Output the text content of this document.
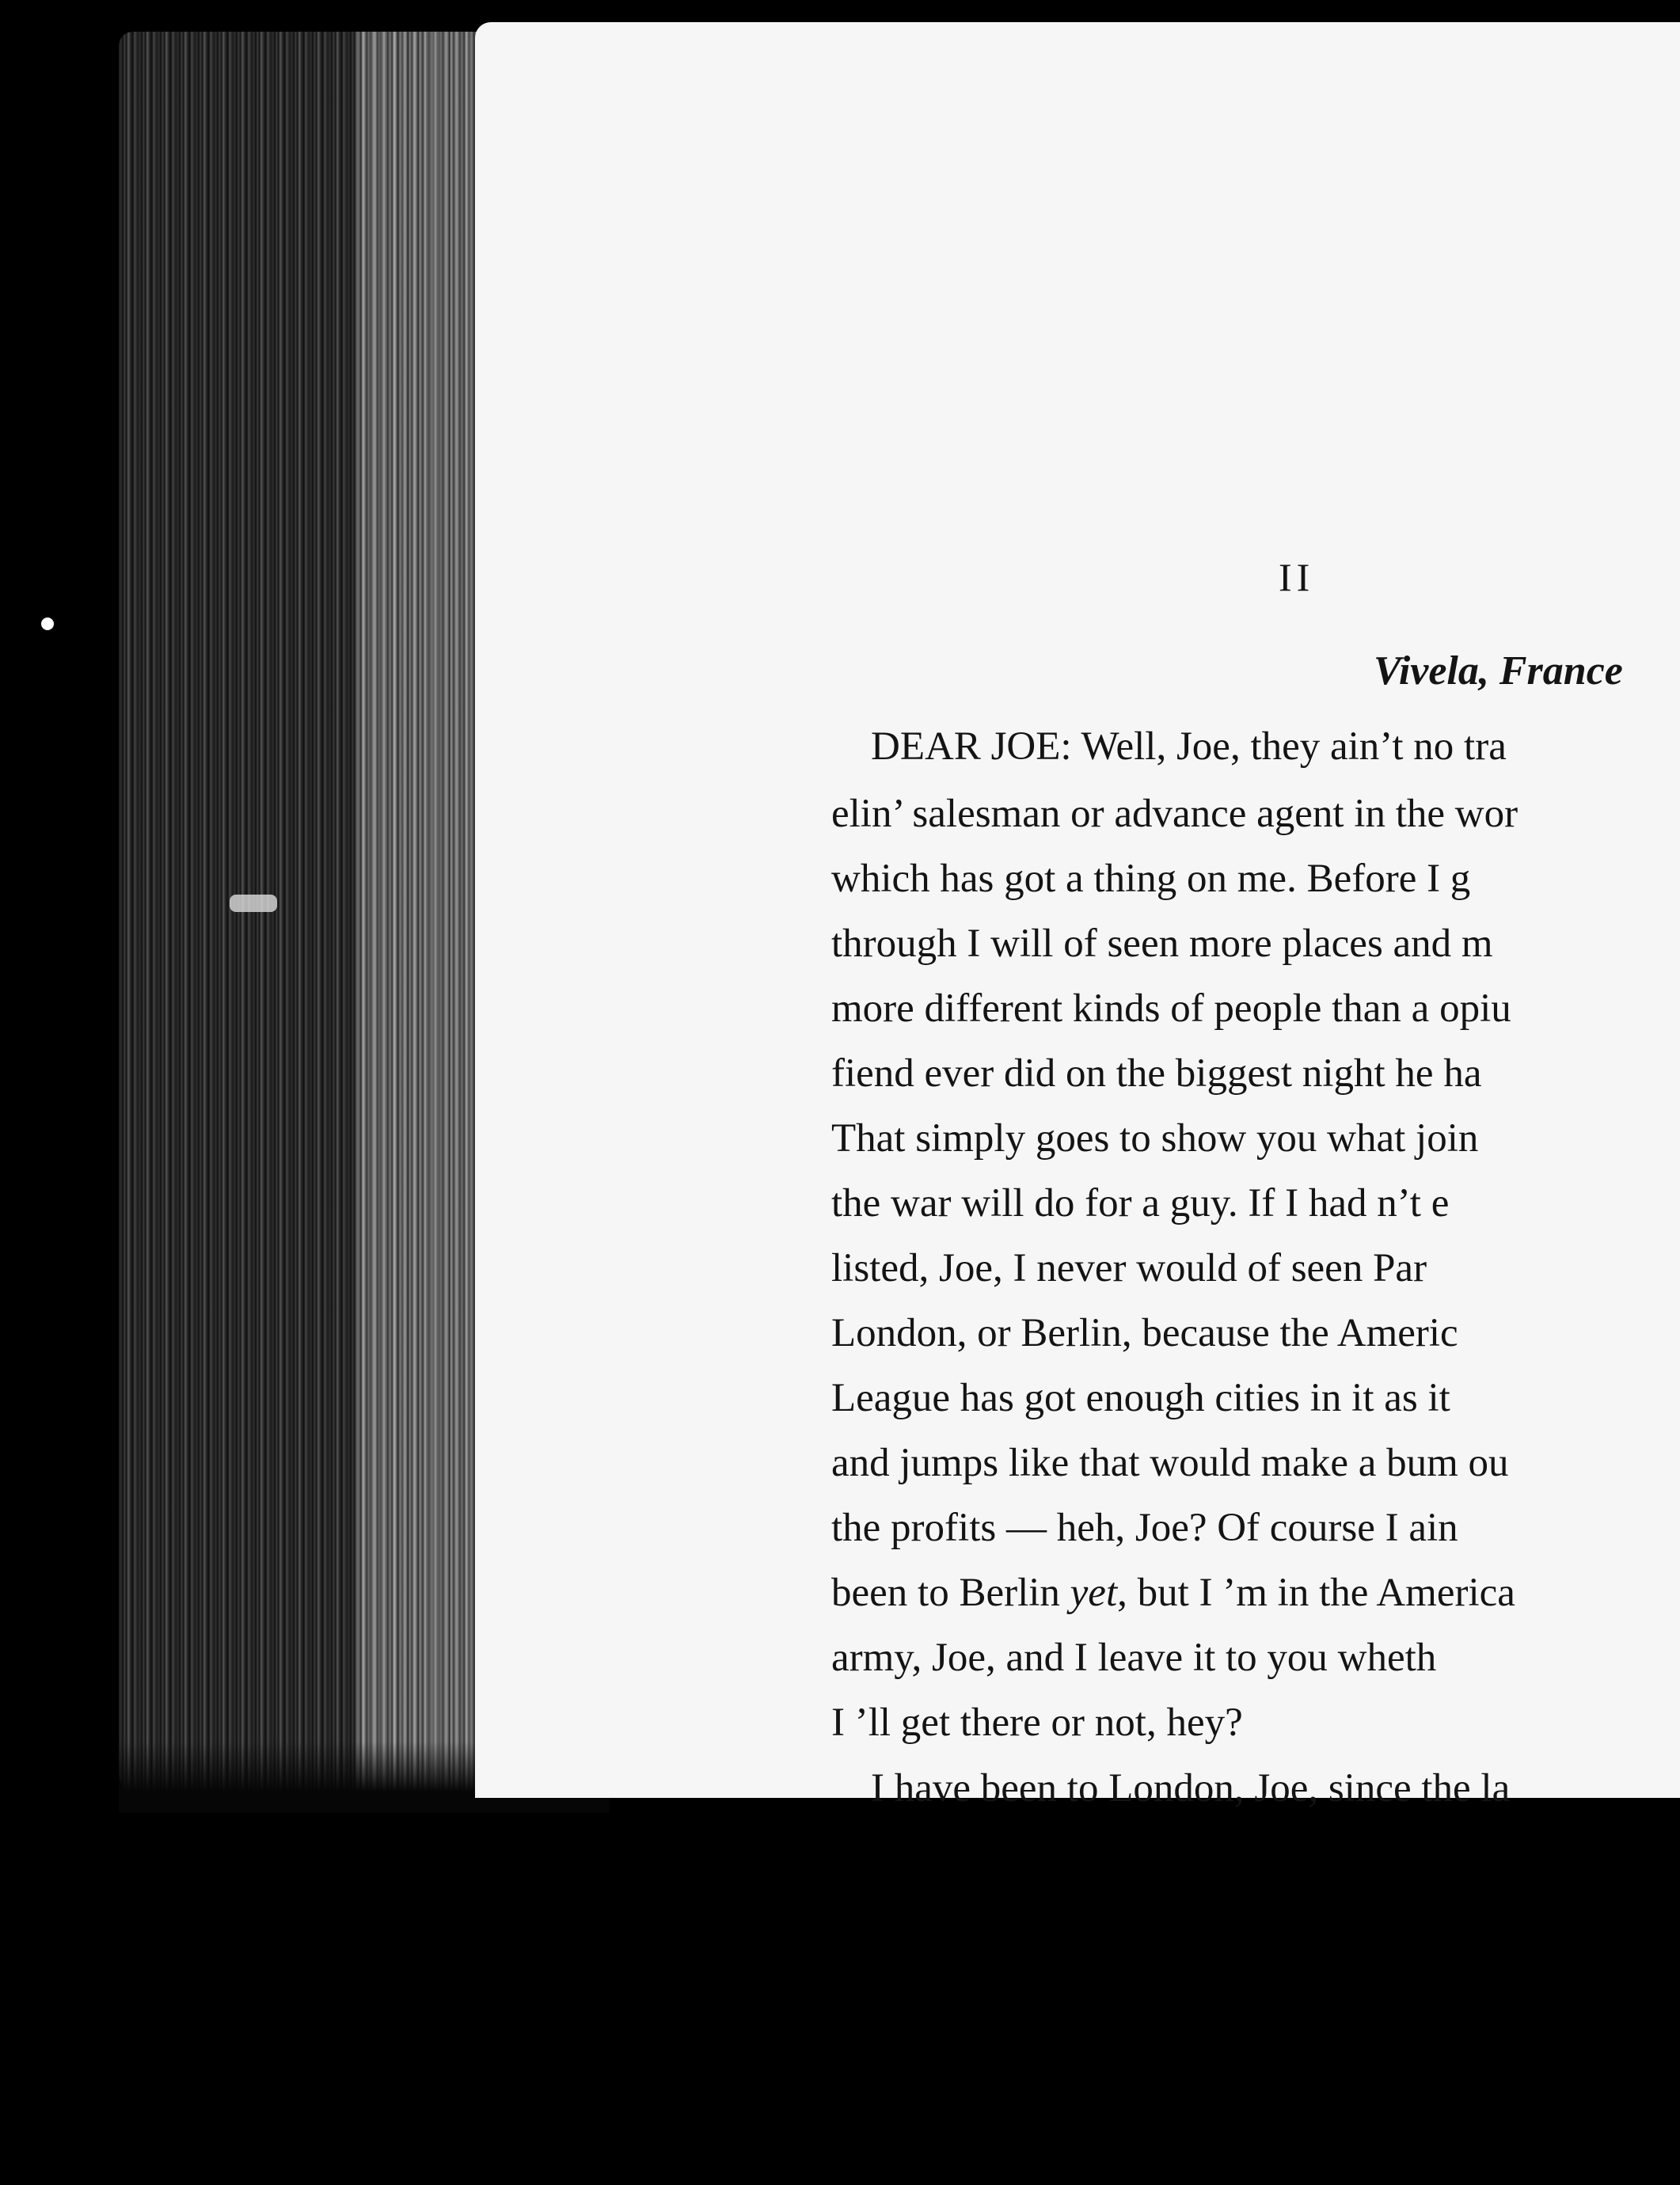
II
Vivela, France
DEAR JOE: Well, Joe, they ain’t no tra
elin’ salesman or advance agent in the wor
which has got a thing on me. Before I g
through I will of seen more places and m
more different kinds of people than a opiu
fiend ever did on the biggest night he ha
That simply goes to show you what join
the war will do for a guy. If I had n’t e
listed, Joe, I never would of seen Par
London, or Berlin, because the Americ
League has got enough cities in it as it
and jumps like that would make a bum ou
the profits — heh, Joe? Of course I ain
been to Berlin yet, but I ’m in the America
army, Joe, and I leave it to you wheth
I ’ll get there or not, hey?
I have been to London, Joe, since the la
